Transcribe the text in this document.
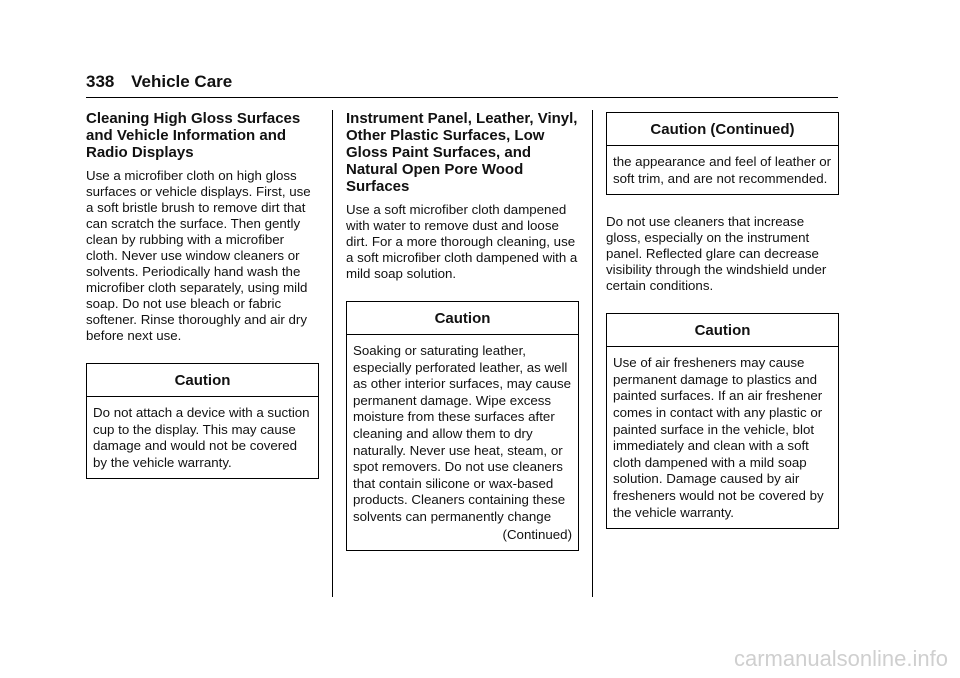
338 Vehicle Care
Cleaning High Gloss Surfaces and Vehicle Information and Radio Displays

Use a microfiber cloth on high gloss surfaces or vehicle displays. First, use a soft bristle brush to remove dirt that can scratch the surface. Then gently clean by rubbing with a microfiber cloth. Never use window cleaners or solvents. Periodically hand wash the microfiber cloth separately, using mild soap. Do not use bleach or fabric softener. Rinse thoroughly and air dry before next use.

Caution
Do not attach a device with a suction cup to the display. This may cause damage and would not be covered by the vehicle warranty.
Instrument Panel, Leather, Vinyl, Other Plastic Surfaces, Low Gloss Paint Surfaces, and Natural Open Pore Wood Surfaces

Use a soft microfiber cloth dampened with water to remove dust and loose dirt. For a more thorough cleaning, use a soft microfiber cloth dampened with a mild soap solution.

Caution
Soaking or saturating leather, especially perforated leather, as well as other interior surfaces, may cause permanent damage. Wipe excess moisture from these surfaces after cleaning and allow them to dry naturally. Never use heat, steam, or spot removers. Do not use cleaners that contain silicone or wax-based products. Cleaners containing these solvents can permanently change
(Continued)
Caution (Continued)
the appearance and feel of leather or soft trim, and are not recommended.

Do not use cleaners that increase gloss, especially on the instrument panel. Reflected glare can decrease visibility through the windshield under certain conditions.

Caution
Use of air fresheners may cause permanent damage to plastics and painted surfaces. If an air freshener comes in contact with any plastic or painted surface in the vehicle, blot immediately and clean with a soft cloth dampened with a mild soap solution. Damage caused by air fresheners would not be covered by the vehicle warranty.
carmanualsonline.info
